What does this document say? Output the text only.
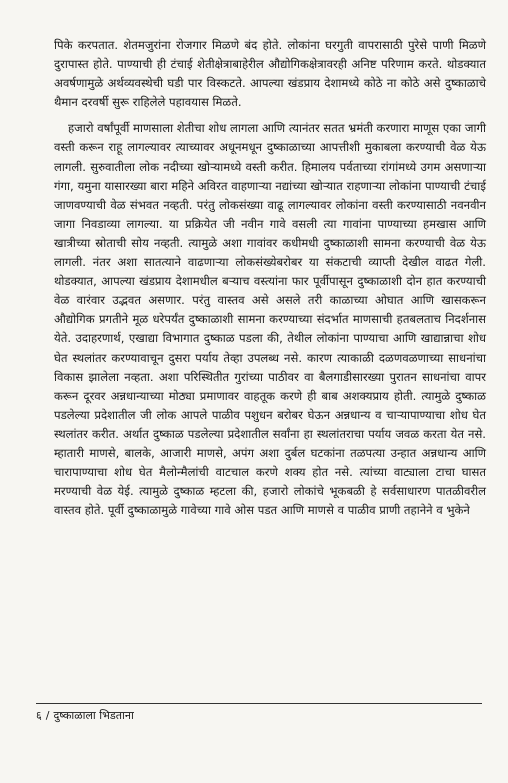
पिके करपतात. शेतमजुरांना रोजगार मिळणे बंद होते. लोकांना घरगुती वापरासाठी पुरेसे पाणी मिळणे दुरापास्त होते. पाण्याची ही टंचाई शेतीक्षेत्राबाहेरील औद्योगिकक्षेत्रावरही अनिष्ट परिणाम करते. थोडक्यात अवर्षणामुळे अर्थव्यवस्थेची घडी पार विस्कटते. आपल्या खंडप्राय देशामध्ये कोठे ना कोठे असे दुष्काळाचे थैमान दरवर्षी सुरू राहिलेले पहावयास मिळते.

हजारो वर्षांपूर्वी माणसाला शेतीचा शोध लागला आणि त्यानंतर सतत भ्रमंती करणारा माणूस एका जागी वस्ती करून राहू लागल्यावर त्याच्यावर अधूनमधून दुष्काळाच्या आपत्तीशी मुकाबला करण्याची वेळ येऊ लागली. सुरुवातीला लोक नदीच्या खोऱ्यामध्ये वस्ती करीत. हिमालय पर्वताच्या रांगांमध्ये उगम असणाऱ्या गंगा, यमुना यासारख्या बारा महिने अविरत वाहणाऱ्या नद्यांच्या खोऱ्यात राहणाऱ्या लोकांना पाण्याची टंचाई जाणवण्याची वेळ संभवत नव्हती. परंतु लोकसंख्या वाढू लागल्यावर लोकांना वस्ती करण्यासाठी नवनवीन जागा निवडाव्या लागल्या. या प्रक्रियेत जी नवीन गावे वसली त्या गावांना पाण्याच्या हमखास आणि खात्रीच्या स्रोताची सोय नव्हती. त्यामुळे अशा गावांवर कधीमधी दुष्काळाशी सामना करण्याची वेळ येऊ लागली. नंतर अशा सातत्याने वाढणाऱ्या लोकसंख्येबरोबर या संकटाची व्याप्ती देखील वाढत गेली. थोडक्यात, आपल्या खंडप्राय देशामधील बऱ्याच वस्त्यांना फार पूर्वीपासून दुष्काळाशी दोन हात करण्याची वेळ वारंवार उद्भवत असणार. परंतु वास्तव असे असले तरी काळाच्या ओघात आणि खासकरून औद्योगिक प्रगतीने मूळ धरेपर्यंत दुष्काळाशी सामना करण्याच्या संदर्भात माणसाची हतबलताच निदर्शनास येते. उदाहरणार्थ, एखाद्या विभागात दुष्काळ पडला की, तेथील लोकांना पाण्याचा आणि खाद्यान्नाचा शोध घेत स्थलांतर करण्यावाचून दुसरा पर्याय तेव्हा उपलब्ध नसे. कारण त्याकाळी दळणवळणाच्या साधनांचा विकास झालेला नव्हता. अशा परिस्थितीत गुरांच्या पाठीवर वा बैलगाडीसारख्या पुरातन साधनांचा वापर करून दूरवर अन्नधान्याच्या मोठ्या प्रमाणावर वाहतूक करणे ही बाब अशक्यप्राय होती. त्यामुळे दुष्काळ पडलेल्या प्रदेशातील जी लोक आपले पाळीव पशुधन बरोबर घेऊन अन्नधान्य व चाऱ्यापाण्याचा शोध घेत स्थलांतर करीत. अर्थात दुष्काळ पडलेल्या प्रदेशातील सर्वांना हा स्थलांतराचा पर्याय जवळ करता येत नसे. म्हातारी माणसे, बालके, आजारी माणसे, अपंग अशा दुर्बल घटकांना तळपत्या उन्हात अन्नधान्य आणि चारापाण्याचा शोध घेत मैलोन्मैलांची वाटचाल करणे शक्य होत नसे. त्यांच्या वाट्याला टाचा घासत मरण्याची वेळ येई. त्यामुळे दुष्काळ म्हटला की, हजारो लोकांचे भूकबळी हे सर्वसाधारण पातळीवरील वास्तव होते. पूर्वी दुष्काळामुळे गावेच्या गावे ओस पडत आणि माणसे व पाळीव प्राणी तहानेने व भुकेने

६ / दुष्काळाला भिडताना
